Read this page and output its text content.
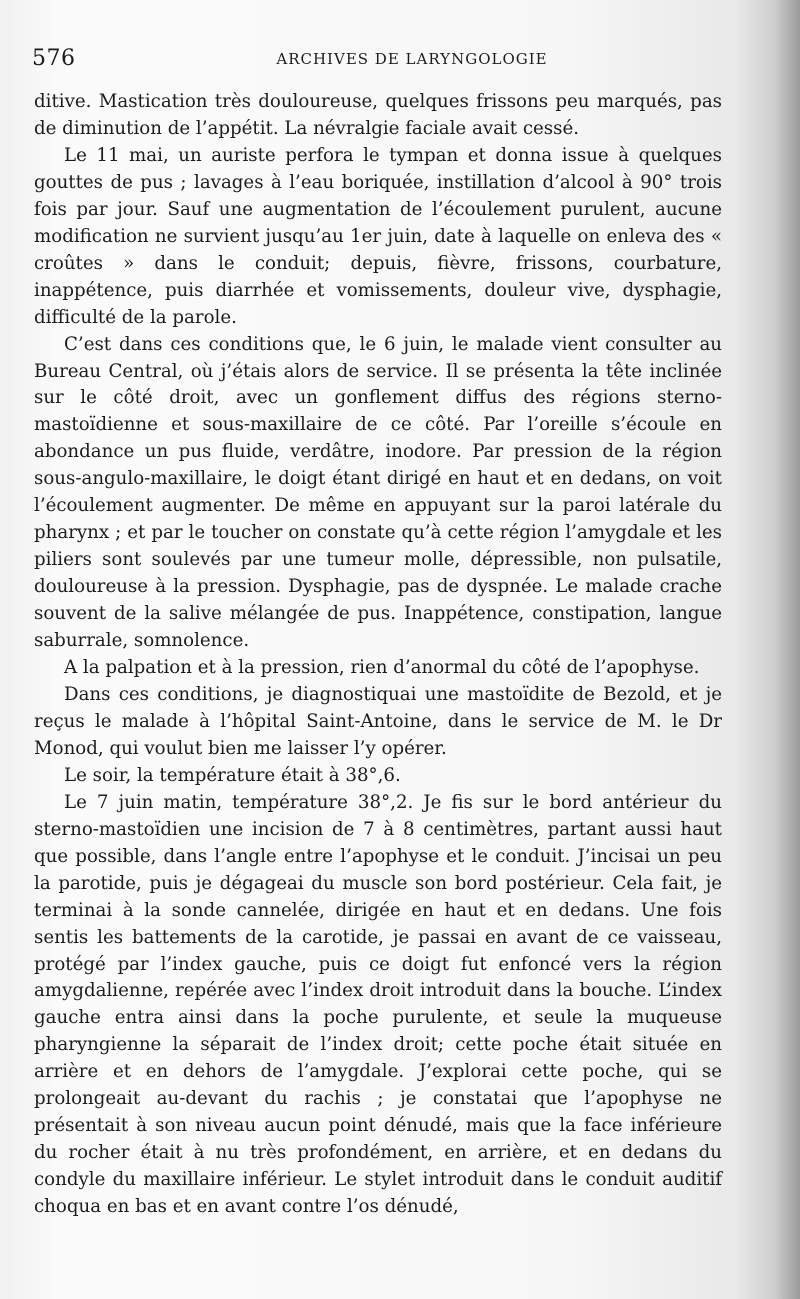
576	ARCHIVES DE LARYNGOLOGIE

ditive. Mastication très douloureuse, quelques frissons peu marqués, pas de diminution de l’appétit. La névralgie faciale avait cessé.

Le 11 mai, un auriste perfora le tympan et donna issue à quelques gouttes de pus ; lavages à l’eau boriquée, instillation d’alcool à 90° trois fois par jour. Sauf une augmentation de l’écoulement purulent, aucune modification ne survient jusqu’au 1er juin, date à laquelle on enleva des « croûtes » dans le conduit; depuis, fièvre, frissons, courbature, inappétence, puis diarrhée et vomissements, douleur vive, dysphagie, difficulté de la parole.

C’est dans ces conditions que, le 6 juin, le malade vient consulter au Bureau Central, où j’étais alors de service. Il se présenta la tête inclinée sur le côté droit, avec un gonflement diffus des régions sterno-mastoïdienne et sous-maxillaire de ce côté. Par l’oreille s’écoule en abondance un pus fluide, verdâtre, inodore. Par pression de la région sous-angulo-maxillaire, le doigt étant dirigé en haut et en dedans, on voit l’écoulement augmenter. De même en appuyant sur la paroi latérale du pharynx ; et par le toucher on constate qu’à cette région l’amygdale et les piliers sont soulevés par une tumeur molle, dépressible, non pulsatile, douloureuse à la pression. Dysphagie, pas de dyspnée. Le malade crache souvent de la salive mélangée de pus. Inappétence, constipation, langue saburrale, somnolence.

A la palpation et à la pression, rien d’anormal du côté de l’apophyse.

Dans ces conditions, je diagnostiquai une mastoïdite de Bezold, et je reçus le malade à l’hôpital Saint-Antoine, dans le service de M. le Dr Monod, qui voulut bien me laisser l’y opérer.

Le soir, la température était à 38°,6.

Le 7 juin matin, température 38°,2. Je fis sur le bord antérieur du sterno-mastoïdien une incision de 7 à 8 centimètres, partant aussi haut que possible, dans l’angle entre l’apophyse et le conduit. J’incisai un peu la parotide, puis je dégageai du muscle son bord postérieur. Cela fait, je terminai à la sonde cannelée, dirigée en haut et en dedans. Une fois sentis les battements de la carotide, je passai en avant de ce vaisseau, protégé par l’index gauche, puis ce doigt fut enfoncé vers la région amygdalienne, repérée avec l’index droit introduit dans la bouche. L’index gauche entra ainsi dans la poche purulente, et seule la muqueuse pharyngienne la séparait de l’index droit; cette poche était située en arrière et en dehors de l’amygdale. J’explorai cette poche, qui se prolongeait au-devant du rachis ; je constatai que l’apophyse ne présentait à son niveau aucun point dénudé, mais que la face inférieure du rocher était à nu très profondément, en arrière, et en dedans du condyle du maxillaire inférieur. Le stylet introduit dans le conduit auditif choqua en bas et en avant contre l’os dénudé,
